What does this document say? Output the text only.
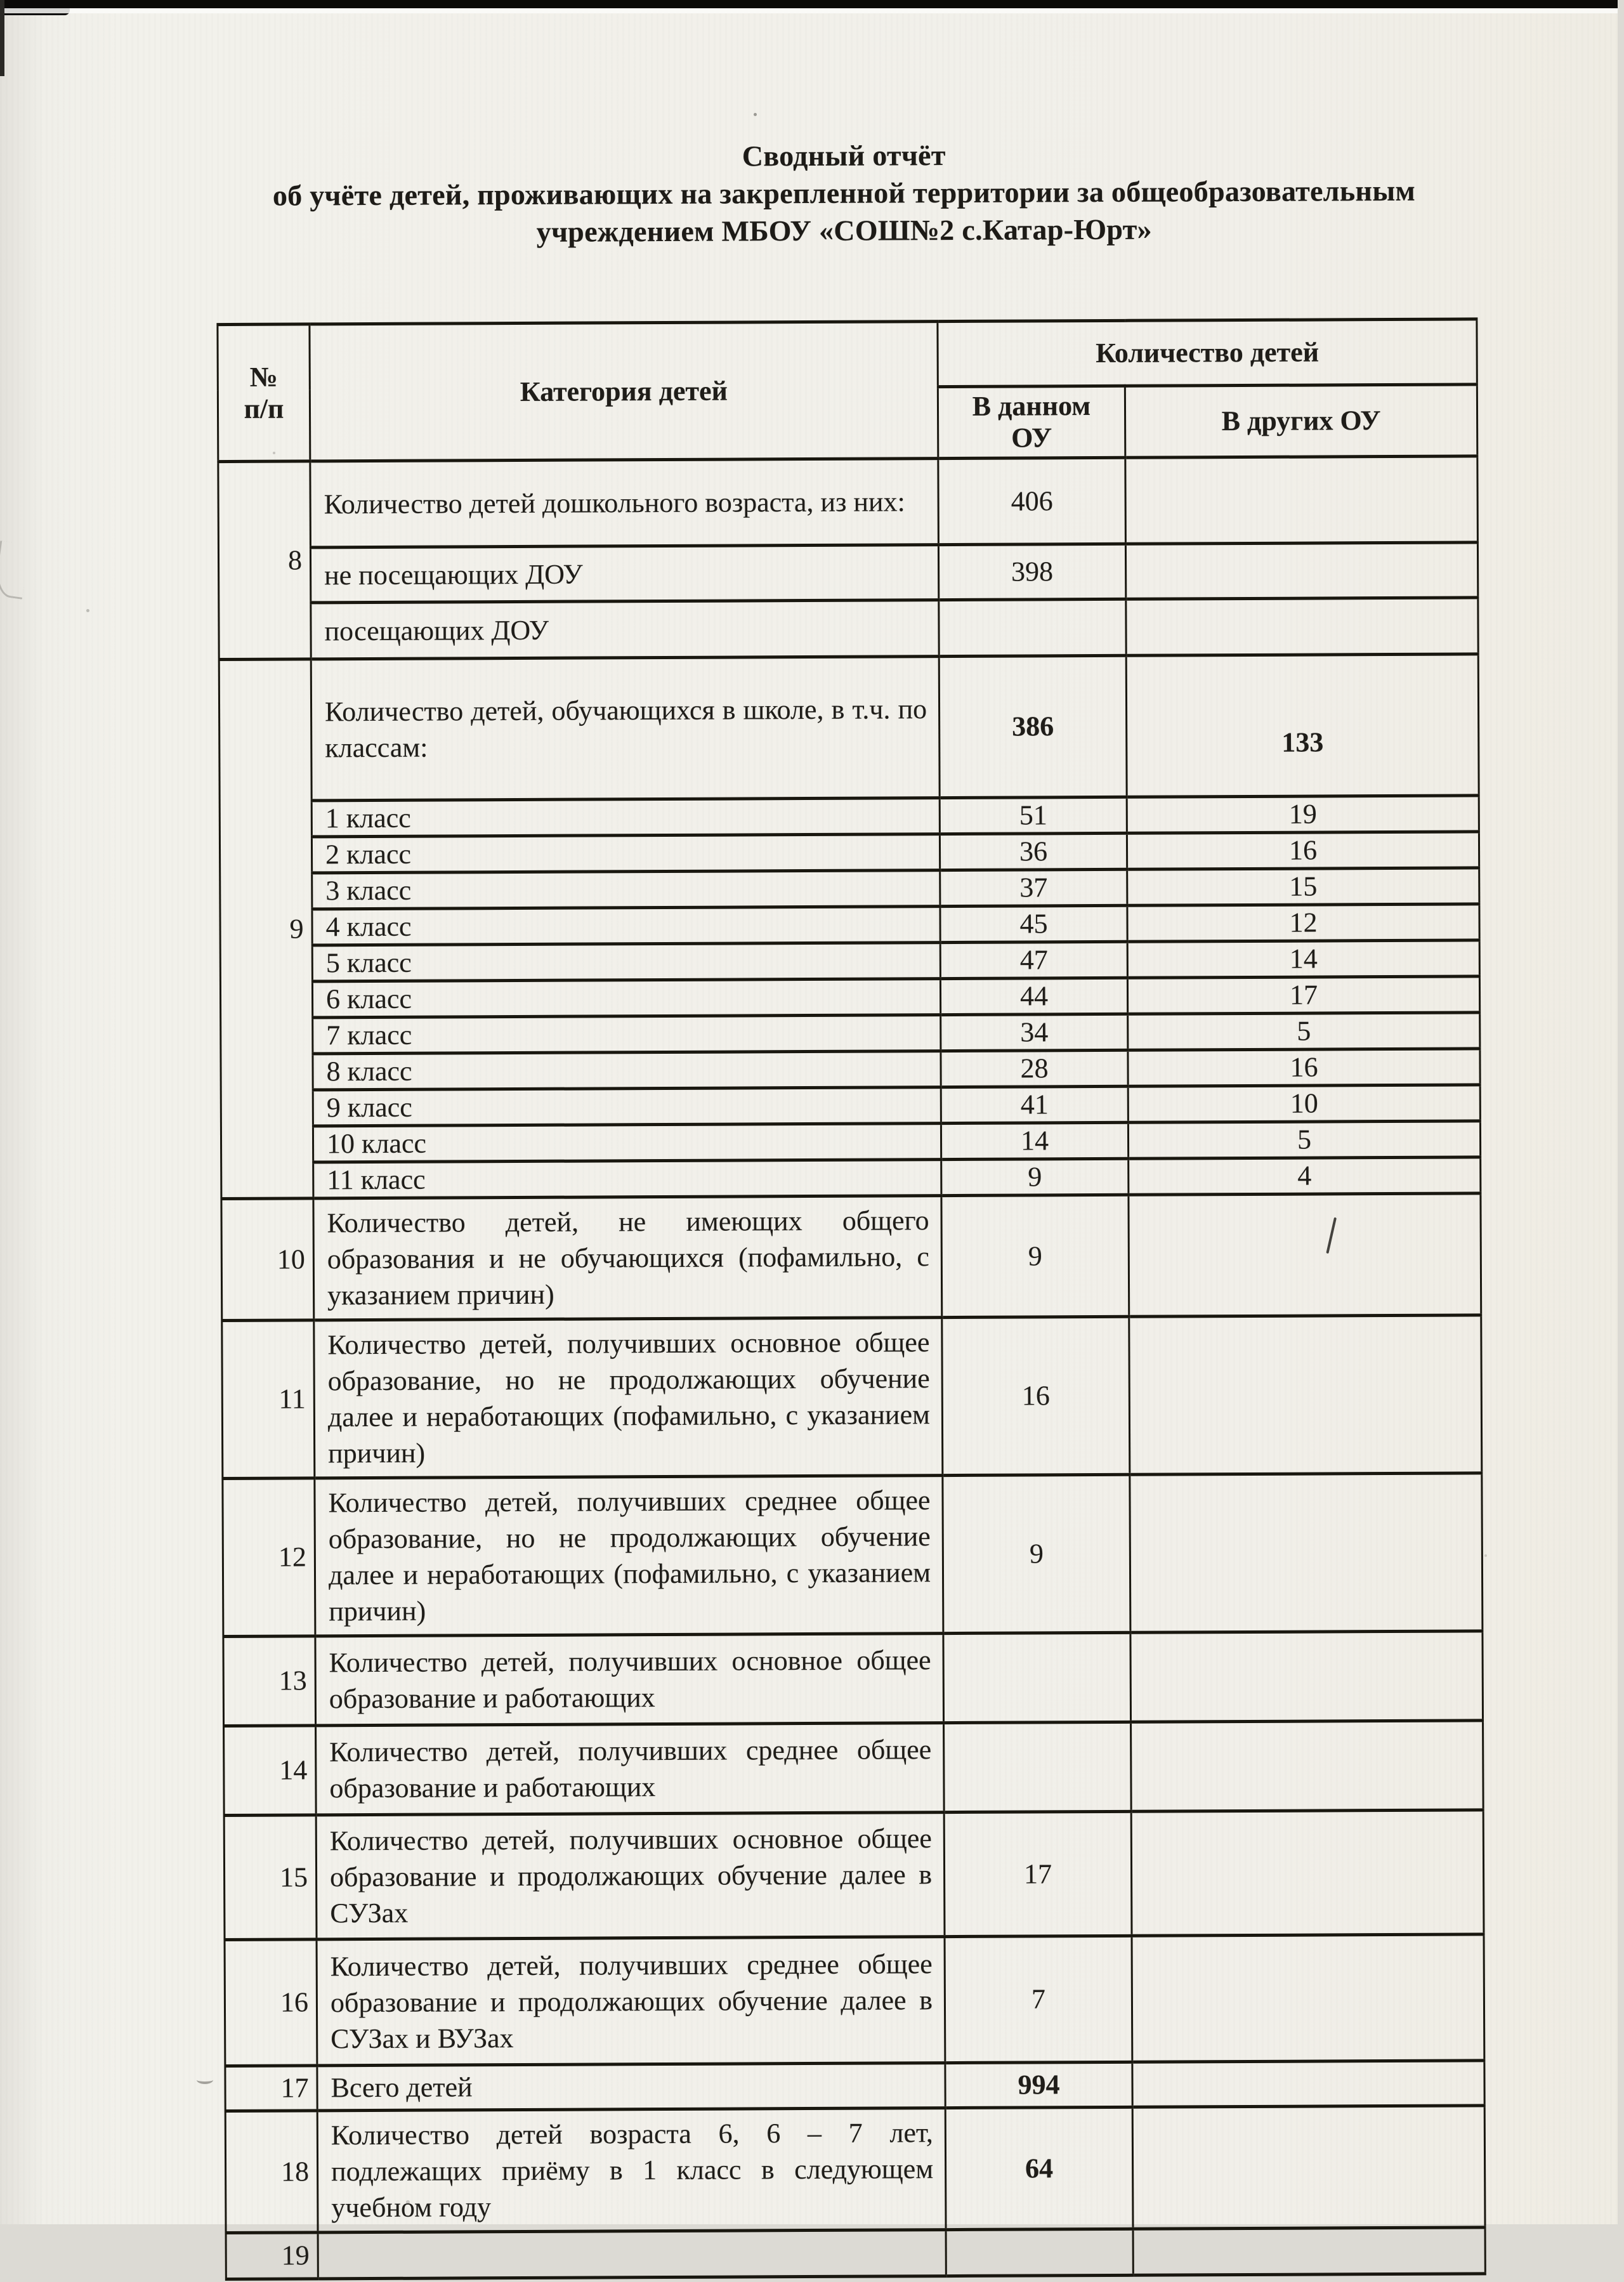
Сводный отчёт
об учёте детей, проживающих на закрепленной территории за общеобразовательным
учреждением МБОУ «СОШ№2 с.Катар-Юрт»
№
п/п	Категория детей	Количество детей	

		В данном ОУ	В других ОУ
8	Количество детей дошкольного возраста, из них:	406	
	не посещающих ДОУ	398	
	посещающих ДОУ		
9	Количество детей, обучающихся в школе, в т.ч. по классам:	386	133
	1 класс	51	19
	2 класс	36	16
	3 класс	37	15
	4 класс	45	12
	5 класс	47	14
	6 класс	44	17
	7 класс	34	5
	8 класс	28	16
	9 класс	41	10
	10 класс	14	5
	11 класс	9	4
10	Количество детей, не имеющих общего образования и не обучающихся (пофамильно, с указанием причин)	9	
11	Количество детей, получивших основное общее образование, но не продолжающих обучение далее и неработающих (пофамильно, с указанием причин)	16	
12	Количество детей, получивших среднее общее образование, но не продолжающих обучение далее и неработающих (пофамильно, с указанием причин)	9	
13	Количество детей, получивших основное общее образование и работающих		
14	Количество детей, получивших среднее общее образование и работающих		
15	Количество детей, получивших основное общее образование и продолжающих обучение далее в СУЗах	17	
16	Количество детей, получивших среднее общее образование и продолжающих обучение далее в СУЗах и ВУЗах	7	
17	Всего детей	994	
18	Количество детей возраста 6, 6 – 7 лет, подлежащих приёму в 1 класс в следующем учебном году	64	
19			
